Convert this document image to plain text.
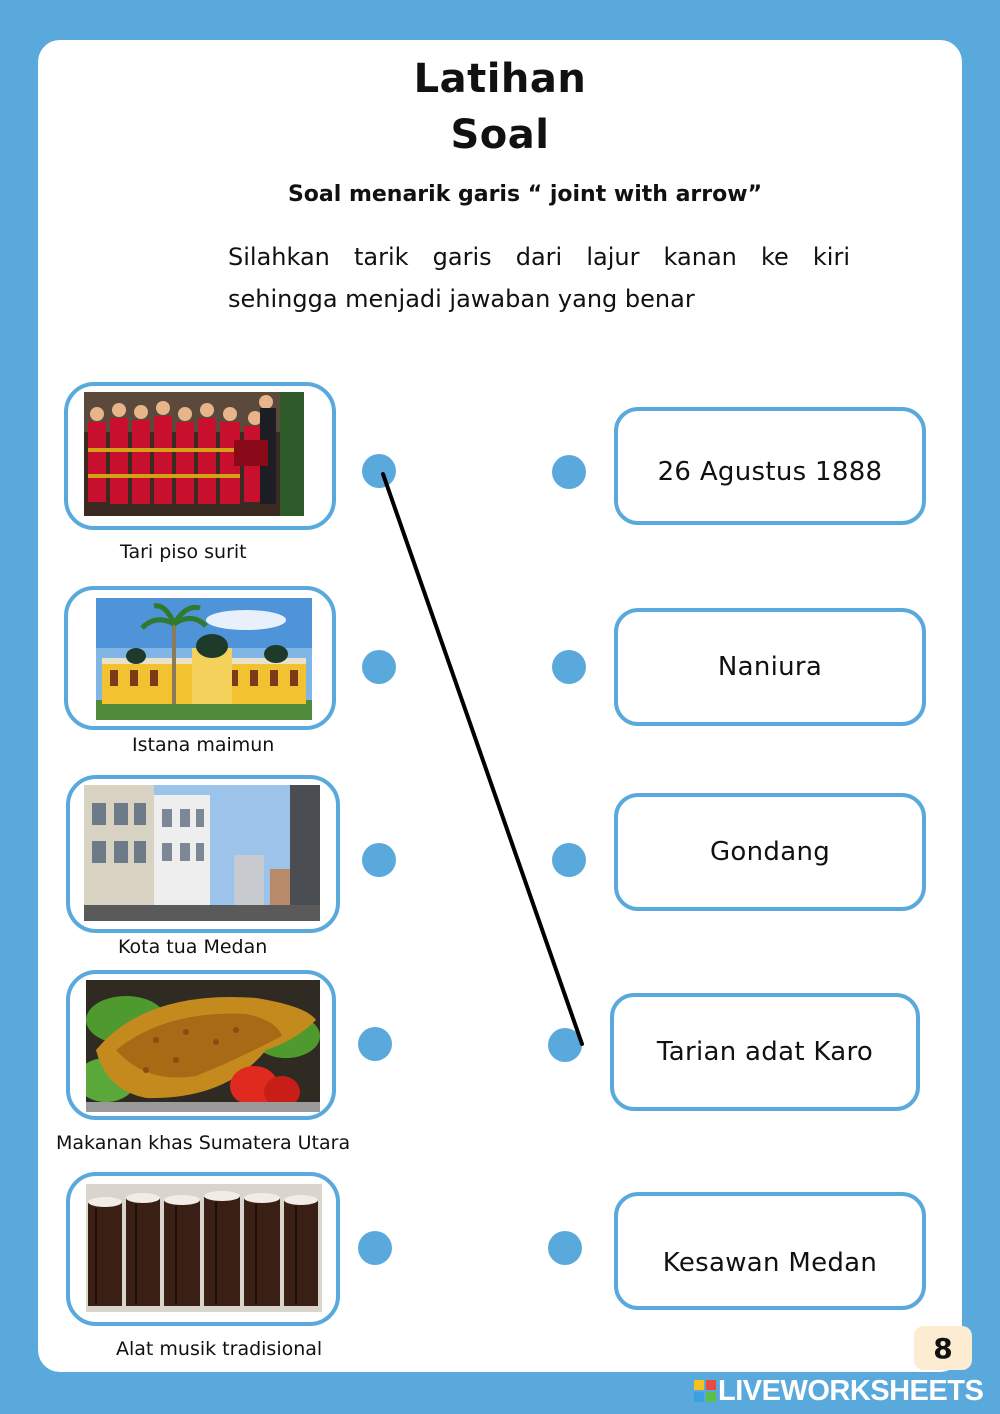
Latihan
Soal
Soal menarik garis “ joint with arrow”
Silahkan tarik garis dari lajur kanan ke kiri sehingga menjadi jawaban yang benar
Tari piso surit
Istana maimun
Kota tua Medan
Makanan khas Sumatera Utara
Alat musik tradisional
26 Agustus 1888
Naniura
Gondang
Tarian adat Karo
Kesawan Medan
8
LIVEWORKSHEETS
